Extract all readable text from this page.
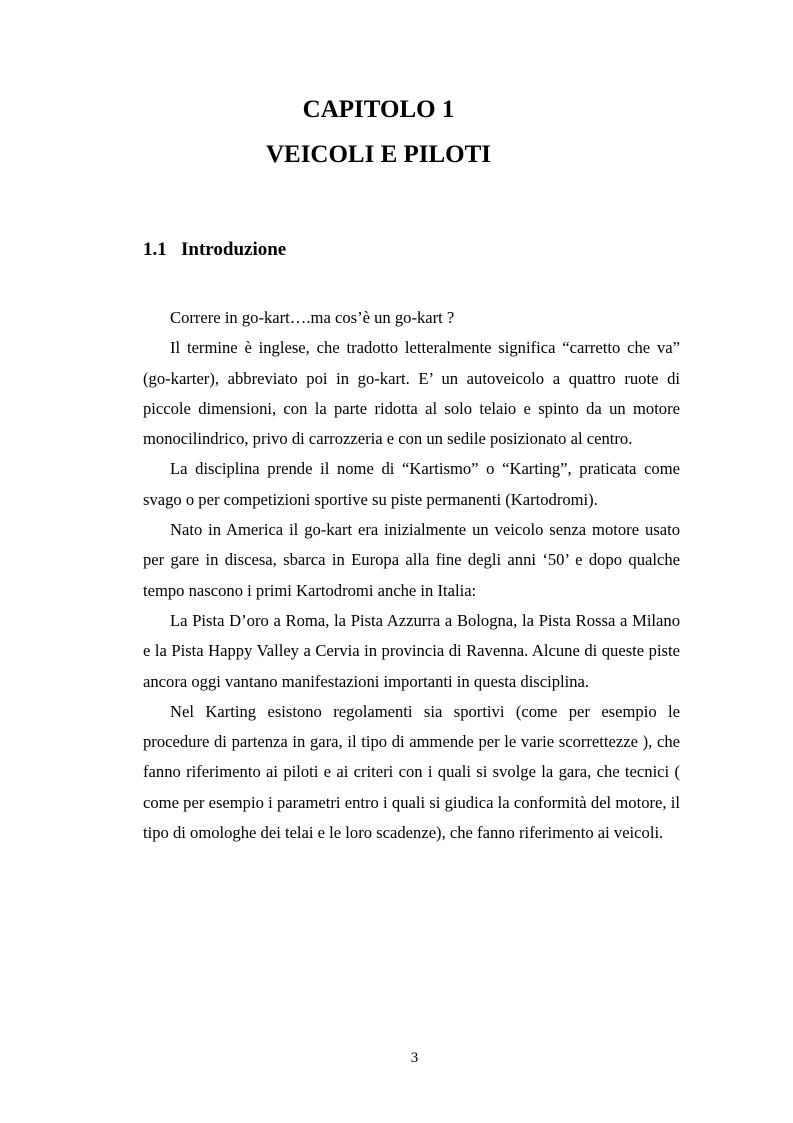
CAPITOLO 1
VEICOLI E PILOTI
1.1 Introduzione

Correre in go-kart….ma cos’è un go-kart ?

Il termine è inglese, che tradotto letteralmente significa “carretto che va” (go-karter), abbreviato poi in go-kart. E’ un autoveicolo a quattro ruote di piccole dimensioni, con la parte ridotta al solo telaio e spinto da un motore monocilindrico, privo di carrozzeria e con un sedile posizionato al centro.

La disciplina prende il nome di “Kartismo” o “Karting”, praticata come svago o per competizioni sportive su piste permanenti (Kartodromi).

Nato in America il go-kart era inizialmente un veicolo senza motore usato per gare in discesa, sbarca in Europa alla fine degli anni ‘50’ e dopo qualche tempo nascono i primi Kartodromi anche in Italia:

La Pista D’oro a Roma, la Pista Azzurra a Bologna, la Pista Rossa a Milano e la Pista Happy Valley a Cervia in provincia di Ravenna. Alcune di queste piste ancora oggi vantano manifestazioni importanti in questa disciplina.

Nel Karting esistono regolamenti sia sportivi (come per esempio le procedure di partenza in gara, il tipo di ammende per le varie scorrettezze ), che fanno riferimento ai piloti e ai criteri con i quali si svolge la gara, che tecnici ( come per esempio i parametri entro i quali si giudica la conformità del motore, il tipo di omologhe dei telai e le loro scadenze), che fanno riferimento ai veicoli.

3
